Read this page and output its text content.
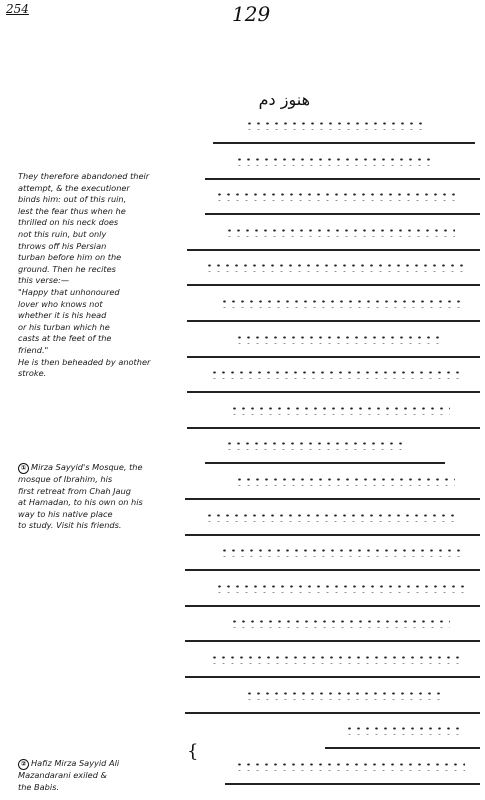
254	129
هنوز دم
{

They therefore abandoned their

attempt, & the executioner

binds him: out of this ruin,

lest the fear thus when he

thrilled on his neck does

not this ruin, but only

throws off his Persian

turban before him on the

ground. Then he recites

this verse:—

"Happy that unhonoured

lover who knows not

whether it is his head

or his turban which he

casts at the feet of the

friend."

He is then beheaded by another

stroke.

① Mirza Sayyid's Mosque, the

mosque of Ibrahim, his

first retreat from Chah Jaug

at Hamadan, to his own on his

way to his native place

to study. Visit his friends.

② Hafiz Mirza Sayyid Ali

Mazandarani exiled &

the Babis.
